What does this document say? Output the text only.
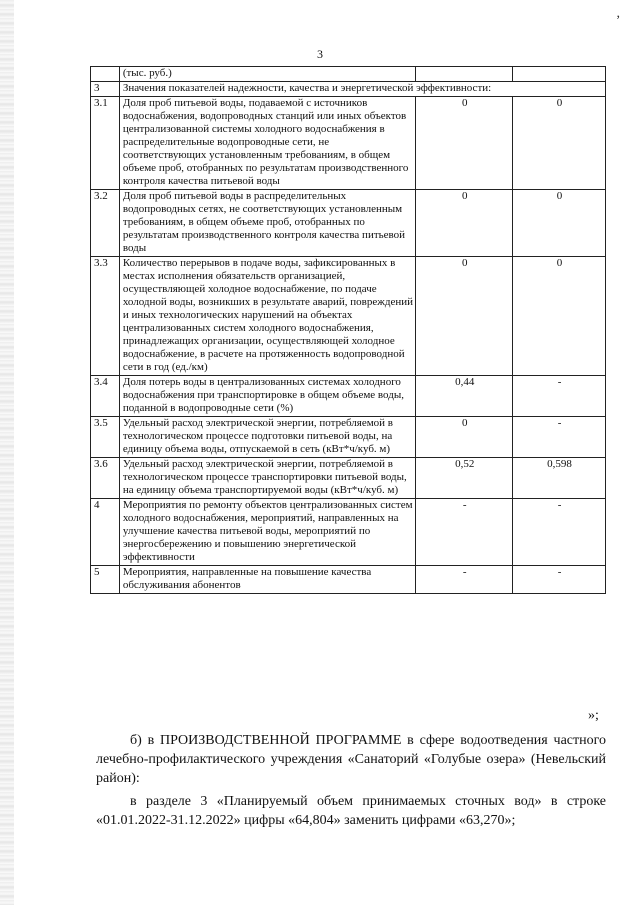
,
3
	(тыс. руб.)		
3	Значения показателей надежности, качества и энергетической эффективности:		
3.1	Доля проб питьевой воды, подаваемой с источников водоснабжения, водопроводных станций или иных объектов централизованной системы холодного водоснабжения в распределительные водопроводные сети, не соответствующих установленным требованиям, в общем объеме проб, отобранных по результатам производственного контроля качества питьевой воды	0	0
3.2	Доля проб питьевой воды в распределительных водопроводных сетях, не соответствующих установленным требованиям, в общем объеме проб, отобранных по результатам производственного контроля качества питьевой воды	0	0
3.3	Количество перерывов в подаче воды, зафиксированных в местах исполнения обязательств организацией, осуществляющей холодное водоснабжение, по подаче холодной воды, возникших в результате аварий, повреждений и иных технологических нарушений на объектах централизованных систем холодного водоснабжения, принадлежащих организации, осуществляющей холодное водоснабжение, в расчете на протяженность водопроводной сети в год (ед./км)	0	0
3.4	Доля потерь воды в централизованных системах холодного водоснабжения при транспортировке в общем объеме воды, поданной в водопроводные сети (%)	0,44	-
3.5	Удельный расход электрической энергии, потребляемой в технологическом процессе подготовки питьевой воды, на единицу объема воды, отпускаемой в сеть (кВт*ч/куб. м)	0	-
3.6	Удельный расход электрической энергии, потребляемой в технологическом процессе транспортировки питьевой воды, на единицу объема транспортируемой воды (кВт*ч/куб. м)	0,52	0,598
4	Мероприятия по ремонту объектов централизованных систем холодного водоснабжения, мероприятий, направленных на улучшение качества питьевой воды, мероприятий по энергосбережению и повышению энергетической эффективности	-	-
5	Мероприятия, направленные на повышение качества обслуживания абонентов	-	-
»;
б) в ПРОИЗВОДСТВЕННОЙ ПРОГРАММЕ в сфере водоотведения частного лечебно-профилактического учреждения «Санаторий «Голубые озера» (Невельский район):
в разделе 3 «Планируемый объем принимаемых сточных вод» в строке «01.01.2022-31.12.2022» цифры «64,804» заменить цифрами «63,270»;
